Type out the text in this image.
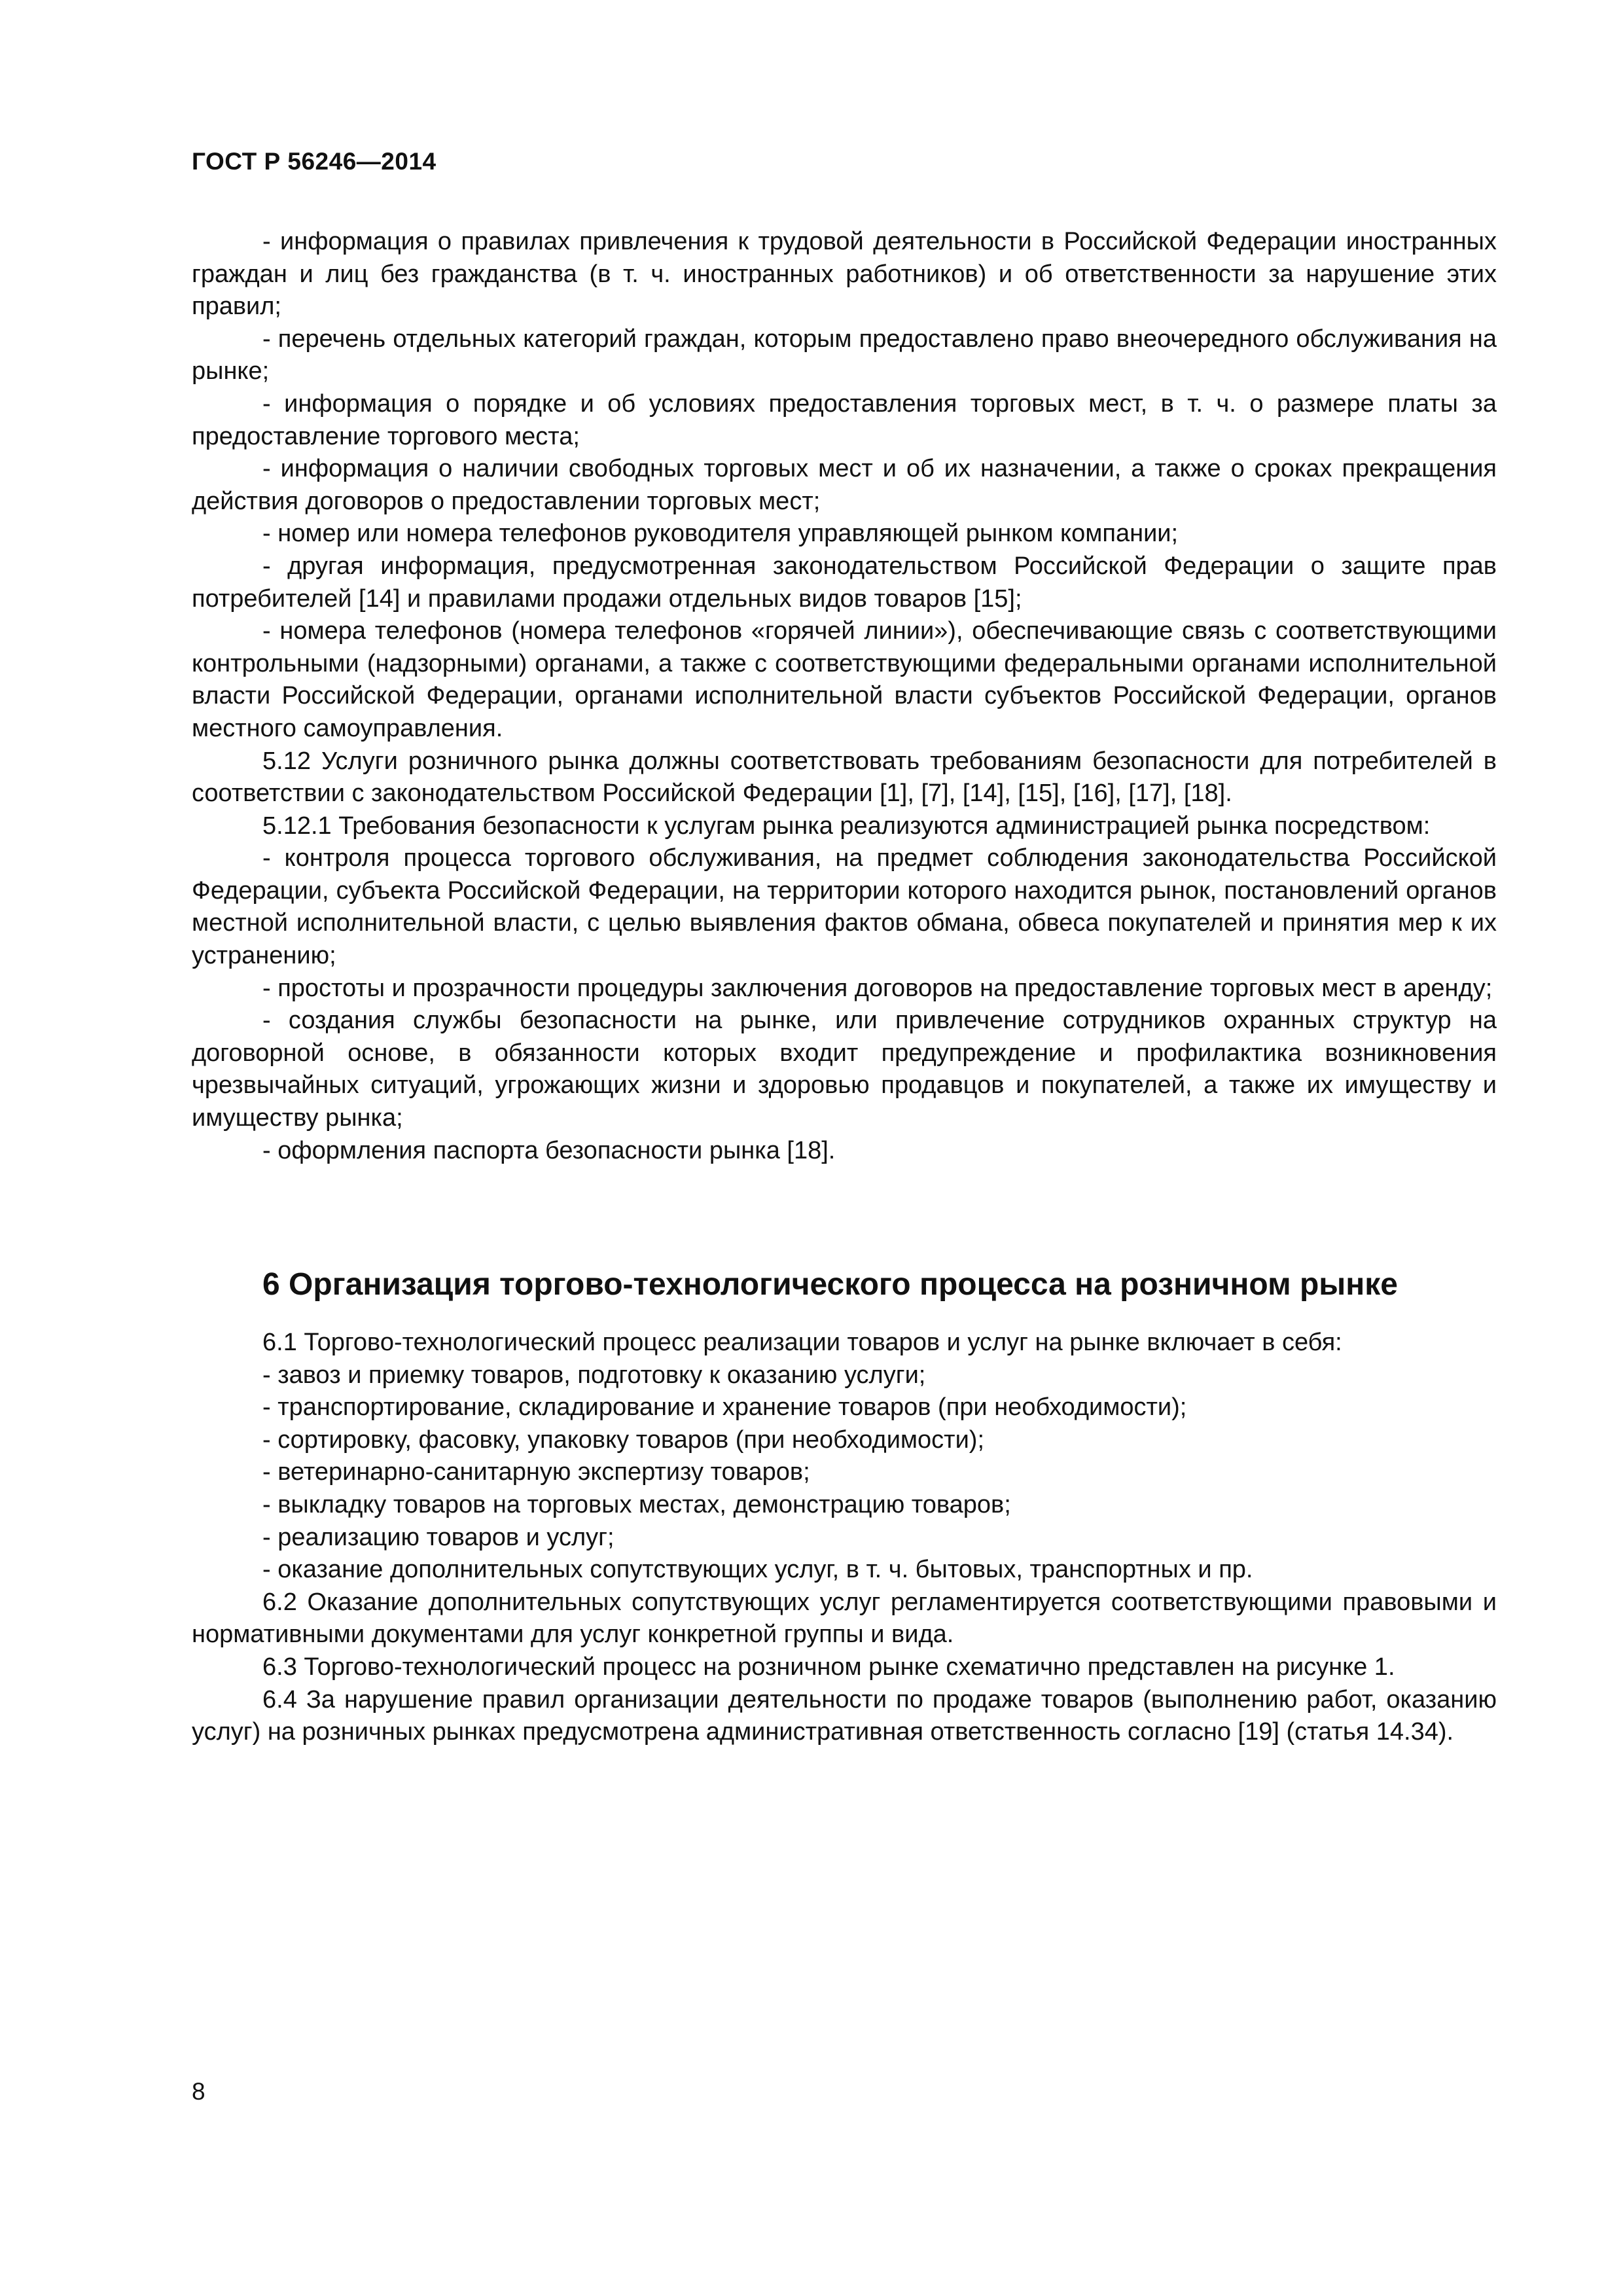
ГОСТ Р 56246—2014

- информация о правилах привлечения к трудовой деятельности в Российской Федерации иностранных граждан и лиц без гражданства (в т. ч. иностранных работников) и об ответственности за нарушение этих правил;

- перечень отдельных категорий граждан, которым предоставлено право внеочередного обслуживания на рынке;

- информация о порядке и об условиях предоставления торговых мест, в т. ч. о размере платы за предоставление торгового места;

- информация о наличии свободных торговых мест и об их назначении, а также о сроках прекращения действия договоров о предоставлении торговых мест;

- номер или номера телефонов руководителя управляющей рынком компании;

- другая информация, предусмотренная законодательством Российской Федерации о защите прав потребителей [14] и правилами продажи отдельных видов товаров [15];

- номера телефонов (номера телефонов «горячей линии»), обеспечивающие связь с соответствующими контрольными (надзорными) органами, а также с соответствующими федеральными органами исполнительной власти Российской Федерации, органами исполнительной власти субъектов Российской Федерации, органов местного самоуправления.

5.12 Услуги розничного рынка должны соответствовать требованиям безопасности для потребителей в соответствии с законодательством Российской Федерации [1], [7], [14], [15], [16], [17], [18].

5.12.1 Требования безопасности к услугам рынка реализуются администрацией рынка посредством:

- контроля процесса торгового обслуживания, на предмет соблюдения законодательства Российской Федерации, субъекта Российской Федерации, на территории которого находится рынок, постановлений органов местной исполнительной власти, с целью выявления фактов обмана, обвеса покупателей и принятия мер к их устранению;

- простоты и прозрачности процедуры заключения договоров на предоставление торговых мест в аренду;

- создания службы безопасности на рынке, или привлечение сотрудников охранных структур на договорной основе, в обязанности которых входит предупреждение и профилактика возникновения чрезвычайных ситуаций, угрожающих жизни и здоровью продавцов и покупателей, а также их имуществу и имуществу рынка;

- оформления паспорта безопасности рынка [18].

6 Организация торгово-технологического процесса на розничном рынке

6.1 Торгово-технологический процесс реализации товаров и услуг на рынке включает в себя:

- завоз и приемку товаров, подготовку к оказанию услуги;

- транспортирование, складирование и хранение товаров (при необходимости);

- сортировку, фасовку, упаковку товаров (при необходимости);

- ветеринарно-санитарную экспертизу товаров;

- выкладку товаров на торговых местах, демонстрацию товаров;

- реализацию товаров и услуг;

- оказание дополнительных сопутствующих услуг, в т. ч. бытовых, транспортных и пр.

6.2 Оказание дополнительных сопутствующих услуг регламентируется соответствующими правовыми и нормативными документами для услуг конкретной группы и вида.

6.3 Торгово-технологический процесс на розничном рынке схематично представлен на рисунке 1.

6.4 За нарушение правил организации деятельности по продаже товаров (выполнению работ, оказанию услуг) на розничных рынках предусмотрена административная ответственность согласно [19] (статья 14.34).

8
